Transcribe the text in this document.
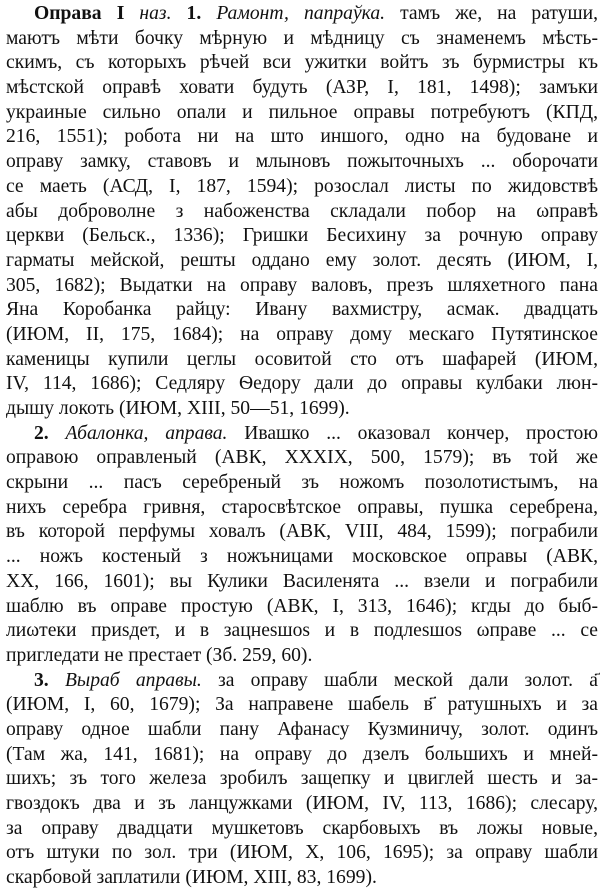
Оправа I наз. 1. Рамонт, папраўка. тамъ же, на ратуши,
маютъ мѣти бочку мѣрную и мѣдницу съ знаменемъ мѣсть-
скимъ, съ которыхъ рѣчей вси ужитки войтъ зъ бурмистры къ
мѣстской оправѣ ховати будуть (АЗР, I, 181, 1498); замъки
украиные сильно опали и пильное оправы потребуютъ (КПД,
216, 1551); робота ни на што иншого, одно на будоване и
оправу замку, ставовъ и млыновъ пожыточныхъ ... оборочати
се маеть (АСД, I, 187, 1594); розослал листы по жидовствѣ
абы доброволне з набоженства складали побор на ωправѣ
церкви (Бельск., 1336); Гришки Бесихину за рочную оправу
гарматы мейской, решты оддано ему золот. десять (ИЮМ, I,
305, 1682); Выдатки на оправу валовъ, презъ шляхетного пана
Яна Коробанка райцу: Ивану вахмистру, асмак. двадцать
(ИЮМ, II, 175, 1684); на оправу дому мескаго Путятинское
каменицы купили цеглы осовитой сто отъ шафарей (ИЮМ,
IV, 114, 1686); Седляру Ѳедору дали до оправы кулбаки люн-
дышу локоть (ИЮМ, XIII, 50—51, 1699).
2. Абалонка, аправа. Ивашко ... оказовал кончер, простою
оправою оправленый (АВК, XXXIX, 500, 1579); въ той же
скрыни ... пасъ серебреный зъ ножомъ позолотистымъ, на
нихъ серебра гривня, старосвѣтское оправы, пушка серебрена,
въ которой перфумы ховалъ (АВК, VIII, 484, 1599); пограбили
... ножъ костеный з ножъницами московское оправы (АВК,
XX, 166, 1601); вы Кулики Василенята ... взели и пограбили
шаблю въ оправе простую (АВК, I, 313, 1646); кгды до быб-
лиωтеки приѕдет, и в зацнеѕшоѕ и в подлеѕшоѕ ωправе ... се
пригледати не престает (Зб. 259, 60).
3. Выраб аправы. за оправу шабли меской дали золот. а҃
(ИЮМ, I, 60, 1679); За направене шабель в҃ ратушныхъ и за
оправу одное шабли пану Афанасу Кузминичу, золот. одинъ
(Там жа, 141, 1681); на оправу до дзелъ большихъ и мней-
шихъ; зъ того железа зробилъ защепку и цвиглей шесть и за-
гвоздокъ два и зъ ланцужками (ИЮМ, IV, 113, 1686); слесару,
за оправу двадцати мушкетовъ скарбовыхъ въ ложы новые,
отъ штуки по зол. три (ИЮМ, X, 106, 1695); за оправу шабли
скарбовой заплатили (ИЮМ, XIII, 83, 1699).
